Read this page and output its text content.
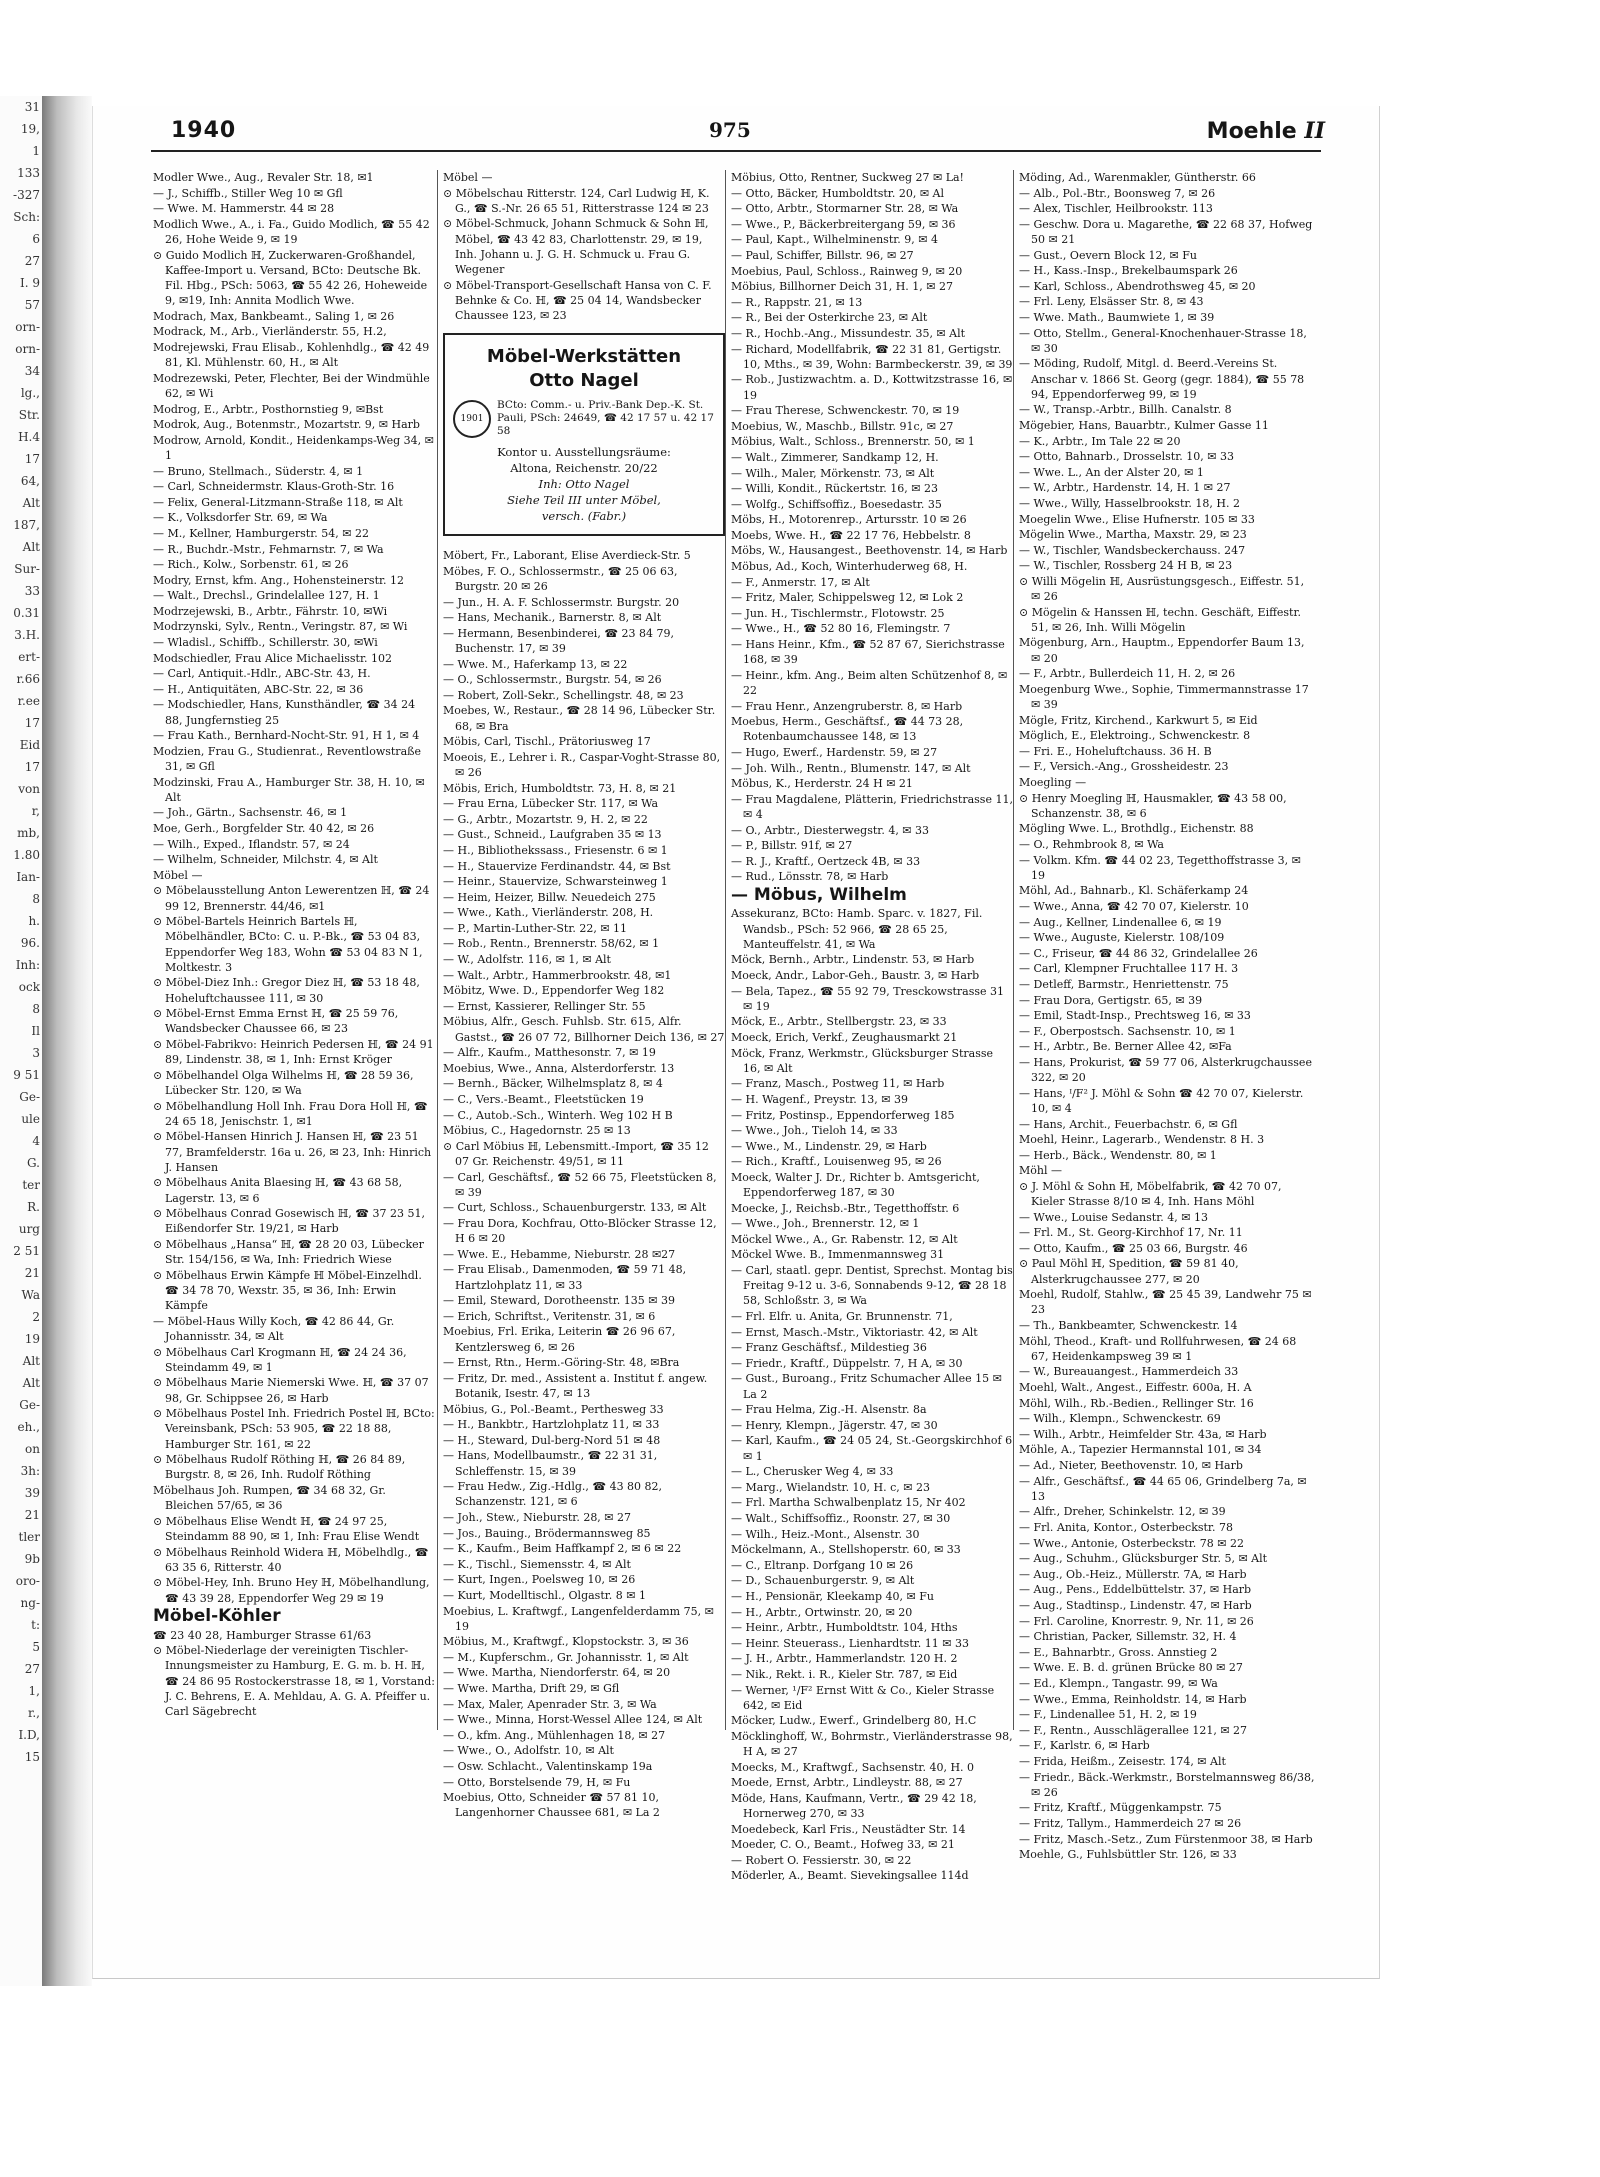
31
19,
1
133
-327
Sch:
6
27
I. 9
57
orn-
orn-
34
lg.,
Str.
H.4
17
64,
Alt
187,
Alt
Sur-
33
0.31
3.H.
ert-
r.66
r.ee
17
Eid
17
von
r,
mb,
1.80
Ian-
8
h.
96.
Inh:
ock
8
Il
3
9 51
Ge-
ule
4
G.
ter
R.
urg
2 51
21
Wa
2
19
Alt
Alt
Ge-
eh.,
on
3h:
39
21
tler
9b
oro-
ng-
t:
5
27
1,
r.,
I.D,
15
1940	975	Moehle II
Modler Wwe., Aug., Revaler Str. 18, ✉1
— J., Schiffb., Stiller Weg 10 ✉ Gfl
— Wwe. M. Hammerstr. 44 ✉ 28
Modlich Wwe., A., i. Fa., Guido Modlich, ☎ 55 42 26, Hohe Weide 9, ✉ 19
⊙ Guido Modlich ℍ, Zuckerwaren-Großhandel, Kaffee-Import u. Versand, BCto: Deutsche Bk. Fil. Hbg., PSch: 5063, ☎ 55 42 26, Hoheweide 9, ✉19, Inh: Annita Modlich Wwe.
Modrach, Max, Bankbeamt., Saling 1, ✉ 26
Modrack, M., Arb., Vierländerstr. 55, H.2,
Modrejewski, Frau Elisab., Kohlenhdlg., ☎ 42 49 81, Kl. Mühlenstr. 60, H., ✉ Alt
Modrezewski, Peter, Flechter, Bei der Windmühle 62, ✉ Wi
Modrog, E., Arbtr., Posthornstieg 9, ✉Bst
Modrok, Aug., Botenmstr., Mozartstr. 9, ✉ Harb
Modrow, Arnold, Kondit., Heidenkamps-Weg 34, ✉ 1
— Bruno, Stellmach., Süderstr. 4, ✉ 1
— Carl, Schneidermstr. Klaus-Groth-Str. 16
— Felix, General-Litzmann-Straße 118, ✉ Alt
— K., Volksdorfer Str. 69, ✉ Wa
— M., Kellner, Hamburgerstr. 54, ✉ 22
— R., Buchdr.-Mstr., Fehmarnstr. 7, ✉ Wa
— Rich., Kolw., Sorbenstr. 61, ✉ 26
Modry, Ernst, kfm. Ang., Hohensteinerstr. 12
— Walt., Drechsl., Grindelallee 127, H. 1
Modrzejewski, B., Arbtr., Fährstr. 10, ✉Wi
Modrzynski, Sylv., Rentn., Veringstr. 87, ✉ Wi
— Wladisl., Schiffb., Schillerstr. 30, ✉Wi
Modschiedler, Frau Alice Michaelisstr. 102
— Carl, Antiquit.-Hdlr., ABC-Str. 43, H.
— H., Antiquitäten, ABC-Str. 22, ✉ 36
— Modschiedler, Hans, Kunsthändler, ☎ 34 24 88, Jungfernstieg 25
— Frau Kath., Bernhard-Nocht-Str. 91, H 1, ✉ 4
Modzien, Frau G., Studienrat., Reventlowstraße 31, ✉ Gfl
Modzinski, Frau A., Hamburger Str. 38, H. 10, ✉ Alt
— Joh., Gärtn., Sachsenstr. 46, ✉ 1
Moe, Gerh., Borgfelder Str. 40 42, ✉ 26
— Wilh., Exped., Iflandstr. 57, ✉ 24
— Wilhelm, Schneider, Milchstr. 4, ✉ Alt
Möbel —
⊙ Möbelausstellung Anton Lewerentzen ℍ, ☎ 24 99 12, Brennerstr. 44/46, ✉1
⊙ Möbel-Bartels Heinrich Bartels ℍ, Möbelhändler, BCto: C. u. P.-Bk., ☎ 53 04 83, Eppendorfer Weg 183, Wohn ☎ 53 04 83 N 1, Moltkestr. 3
⊙ Möbel-Diez Inh.: Gregor Diez ℍ, ☎ 53 18 48, Hoheluftchaussee 111, ✉ 30
⊙ Möbel-Ernst Emma Ernst ℍ, ☎ 25 59 76, Wandsbecker Chaussee 66, ✉ 23
⊙ Möbel-Fabrikvo: Heinrich Pedersen ℍ, ☎ 24 91 89, Lindenstr. 38, ✉ 1, Inh: Ernst Kröger
⊙ Möbelhandel Olga Wilhelms ℍ, ☎ 28 59 36, Lübecker Str. 120, ✉ Wa
⊙ Möbelhandlung Holl Inh. Frau Dora Holl ℍ, ☎ 24 65 18, Jenischstr. 1, ✉1
⊙ Möbel-Hansen Hinrich J. Hansen ℍ, ☎ 23 51 77, Bramfelderstr. 16a u. 26, ✉ 23, Inh: Hinrich J. Hansen
⊙ Möbelhaus Anita Blaesing ℍ, ☎ 43 68 58, Lagerstr. 13, ✉ 6
⊙ Möbelhaus Conrad Gosewisch ℍ, ☎ 37 23 51, Eißendorfer Str. 19/21, ✉ Harb
⊙ Möbelhaus „Hansa“ ℍ, ☎ 28 20 03, Lübecker Str. 154/156, ✉ Wa, Inh: Friedrich Wiese
⊙ Möbelhaus Erwin Kämpfe ℍ Möbel-Einzelhdl. ☎ 34 78 70, Wexstr. 35, ✉ 36, Inh: Erwin Kämpfe
— Möbel-Haus Willy Koch, ☎ 42 86 44, Gr. Johannisstr. 34, ✉ Alt
⊙ Möbelhaus Carl Krogmann ℍ, ☎ 24 24 36, Steindamm 49, ✉ 1
⊙ Möbelhaus Marie Niemerski Wwe. ℍ, ☎ 37 07 98, Gr. Schippsee 26, ✉ Harb
⊙ Möbelhaus Postel Inh. Friedrich Postel ℍ, BCto: Vereinsbank, PSch: 53 905, ☎ 22 18 88, Hamburger Str. 161, ✉ 22
⊙ Möbelhaus Rudolf Röthing ℍ, ☎ 26 84 89, Burgstr. 8, ✉ 26, Inh. Rudolf Röthing
Möbelhaus Joh. Rumpen, ☎ 34 68 32, Gr. Bleichen 57/65, ✉ 36
⊙ Möbelhaus Elise Wendt ℍ, ☎ 24 97 25, Steindamm 88 90, ✉ 1, Inh: Frau Elise Wendt
⊙ Möbelhaus Reinhold Widera ℍ, Möbelhdlg., ☎ 63 35 6, Ritterstr. 40
⊙ Möbel-Hey, Inh. Bruno Hey ℍ, Möbelhandlung, ☎ 43 39 28, Eppendorfer Weg 29 ✉ 19
Möbel-Köhler
☎ 23 40 28, Hamburger Strasse 61/63
⊙ Möbel-Niederlage der vereinigten Tischler-Innungsmeister zu Hamburg, E. G. m. b. H. ℍ, ☎ 24 86 95 Rostockerstrasse 18, ✉ 1, Vorstand: J. C. Behrens, E. A. Mehldau, A. G. A. Pfeiffer u. Carl Sägebrecht
Möbel —
⊙ Möbelschau Ritterstr. 124, Carl Ludwig ℍ, K. G., ☎ S.-Nr. 26 65 51, Ritterstrasse 124 ✉ 23
⊙ Möbel-Schmuck, Johann Schmuck & Sohn ℍ, Möbel, ☎ 43 42 83, Charlottenstr. 29, ✉ 19, Inh. Johann u. J. G. H. Schmuck u. Frau G. Wegener
⊙ Möbel-Transport-Gesellschaft Hansa von C. F. Behnke & Co. ℍ, ☎ 25 04 14, Wandsbecker Chaussee 123, ✉ 23
Möbel-Werkstätten
Otto Nagel
1901
BCto: Comm.- u. Priv.-Bank Dep.-K. St. Pauli, PSch: 24649, ☎ 42 17 57 u. 42 17 58
Kontor u. Ausstellungsräume:
Altona, Reichenstr. 20/22
Inh: Otto Nagel
Siehe Teil III unter Möbel,
versch. (Fabr.)
Möbert, Fr., Laborant, Elise Averdieck-Str. 5
Möbes, F. O., Schlossermstr., ☎ 25 06 63, Burgstr. 20 ✉ 26
— Jun., H. A. F. Schlossermstr. Burgstr. 20
— Hans, Mechanik., Barnerstr. 8, ✉ Alt
— Hermann, Besenbinderei, ☎ 23 84 79, Buchenstr. 17, ✉ 39
— Wwe. M., Haferkamp 13, ✉ 22
— O., Schlossermstr., Burgstr. 54, ✉ 26
— Robert, Zoll-Sekr., Schellingstr. 48, ✉ 23
Moebes, W., Restaur., ☎ 28 14 96, Lübecker Str. 68, ✉ Bra
Möbis, Carl, Tischl., Prätoriusweg 17
Moeois, E., Lehrer i. R., Caspar-Voght-Strasse 80, ✉ 26
Möbis, Erich, Humboldtstr. 73, H. 8, ✉ 21
— Frau Erna, Lübecker Str. 117, ✉ Wa
— G., Arbtr., Mozartstr. 9, H. 2, ✉ 22
— Gust., Schneid., Laufgraben 35 ✉ 13
— H., Bibliothekssass., Friesenstr. 6 ✉ 1
— H., Stauervize Ferdinandstr. 44, ✉ Bst
— Heinr., Stauervize, Schwarsteinweg 1
— Heim, Heizer, Billw. Neuedeich 275
— Wwe., Kath., Vierländerstr. 208, H.
— P., Martin-Luther-Str. 22, ✉ 11
— Rob., Rentn., Brennerstr. 58/62, ✉ 1
— W., Adolfstr. 116, ✉ 1, ✉ Alt
— Walt., Arbtr., Hammerbrookstr. 48, ✉1
Möbitz, Wwe. D., Eppendorfer Weg 182
— Ernst, Kassierer, Rellinger Str. 55
Möbius, Alfr., Gesch. Fuhlsb. Str. 615, Alfr. Gastst., ☎ 26 07 72, Billhorner Deich 136, ✉ 27
— Alfr., Kaufm., Matthesonstr. 7, ✉ 19
Moebius, Wwe., Anna, Alsterdorferstr. 13
— Bernh., Bäcker, Wilhelmsplatz 8, ✉ 4
— C., Vers.-Beamt., Fleetstücken 19
— C., Autob.-Sch., Winterh. Weg 102 H B
Möbius, C., Hagedornstr. 25 ✉ 13
⊙ Carl Möbius ℍ, Lebensmitt.-Import, ☎ 35 12 07 Gr. Reichenstr. 49/51, ✉ 11
— Carl, Geschäftsf., ☎ 52 66 75, Fleetstücken 8, ✉ 39
— Curt, Schloss., Schauenburgerstr. 133, ✉ Alt
— Frau Dora, Kochfrau, Otto-Blöcker Strasse 12, H 6 ✉ 20
— Wwe. E., Hebamme, Nieburstr. 28 ✉27
— Frau Elisab., Damenmoden, ☎ 59 71 48, Hartzlohplatz 11, ✉ 33
— Emil, Steward, Dorotheenstr. 135 ✉ 39
— Erich, Schriftst., Veritenstr. 31, ✉ 6
Moebius, Frl. Erika, Leiterin ☎ 26 96 67, Kentzlersweg 6, ✉ 26
— Ernst, Rtn., Herm.-Göring-Str. 48, ✉Bra
— Fritz, Dr. med., Assistent a. Institut f. angew. Botanik, Isestr. 47, ✉ 13
Möbius, G., Pol.-Beamt., Perthesweg 33
— H., Bankbtr., Hartzlohplatz 11, ✉ 33
— H., Steward, Dul-berg-Nord 51 ✉ 48
— Hans, Modellbaumstr., ☎ 22 31 31, Schleffenstr. 15, ✉ 39
— Frau Hedw., Zig.-Hdlg., ☎ 43 80 82, Schanzenstr. 121, ✉ 6
— Joh., Stew., Nieburstr. 28, ✉ 27
— Jos., Bauing., Brödermannsweg 85
— K., Kaufm., Beim Haffkampf 2, ✉ 6 ✉ 22
— K., Tischl., Siemensstr. 4, ✉ Alt
— Kurt, Ingen., Poelsweg 10, ✉ 26
— Kurt, Modelltischl., Olgastr. 8 ✉ 1
Moebius, L. Kraftwgf., Langenfelderdamm 75, ✉ 19
Möbius, M., Kraftwgf., Klopstockstr. 3, ✉ 36
— M., Kupferschm., Gr. Johannisstr. 1, ✉ Alt
— Wwe. Martha, Niendorferstr. 64, ✉ 20
— Wwe. Martha, Drift 29, ✉ Gfl
— Max, Maler, Apenrader Str. 3, ✉ Wa
— Wwe., Minna, Horst-Wessel Allee 124, ✉ Alt
— O., kfm. Ang., Mühlenhagen 18, ✉ 27
— Wwe., O., Adolfstr. 10, ✉ Alt
— Osw. Schlacht., Valentinskamp 19a
— Otto, Borstelsende 79, H, ✉ Fu
Moebius, Otto, Schneider ☎ 57 81 10, Langenhorner Chaussee 681, ✉ La 2
Möbius, Otto, Rentner, Suckweg 27 ✉ La!
— Otto, Bäcker, Humboldtstr. 20, ✉ Al
— Otto, Arbtr., Stormarner Str. 28, ✉ Wa
— Wwe., P., Bäckerbreitergang 59, ✉ 36
— Paul, Kapt., Wilhelminenstr. 9, ✉ 4
— Paul, Schiffer, Billstr. 96, ✉ 27
Moebius, Paul, Schloss., Rainweg 9, ✉ 20
Möbius, Billhorner Deich 31, H. 1, ✉ 27
— R., Rappstr. 21, ✉ 13
— R., Bei der Osterkirche 23, ✉ Alt
— R., Hochb.-Ang., Missundestr. 35, ✉ Alt
— Richard, Modellfabrik, ☎ 22 31 81, Gertigstr. 10, Mths., ✉ 39, Wohn: Barmbeckerstr. 39, ✉ 39
— Rob., Justizwachtm. a. D., Kottwitzstrasse 16, ✉ 19
— Frau Therese, Schwenckestr. 70, ✉ 19
Moebius, W., Maschb., Billstr. 91c, ✉ 27
Möbius, Walt., Schloss., Brennerstr. 50, ✉ 1
— Walt., Zimmerer, Sandkamp 12, H.
— Wilh., Maler, Mörkenstr. 73, ✉ Alt
— Willi, Kondit., Rückertstr. 16, ✉ 23
— Wolfg., Schiffsoffiz., Boesedastr. 35
Möbs, H., Motorenrep., Artursstr. 10 ✉ 26
Moebs, Wwe. H., ☎ 22 17 76, Hebbelstr. 8
Möbs, W., Hausangest., Beethovenstr. 14, ✉ Harb
Möbus, Ad., Koch, Winterhuderweg 68, H.
— F., Anmerstr. 17, ✉ Alt
— Fritz, Maler, Schippelsweg 12, ✉ Lok 2
— Jun. H., Tischlermstr., Flotowstr. 25
— Wwe., H., ☎ 52 80 16, Flemingstr. 7
— Hans Heinr., Kfm., ☎ 52 87 67, Sierichstrasse 168, ✉ 39
— Heinr., kfm. Ang., Beim alten Schützenhof 8, ✉ 22
— Frau Henr., Anzengruberstr. 8, ✉ Harb
Moebus, Herm., Geschäftsf., ☎ 44 73 28, Rotenbaumchaussee 148, ✉ 13
— Hugo, Ewerf., Hardenstr. 59, ✉ 27
— Joh. Wilh., Rentn., Blumenstr. 147, ✉ Alt
Möbus, K., Herderstr. 24 H ✉ 21
— Frau Magdalene, Plätterin, Friedrichstrasse 11, ✉ 4
— O., Arbtr., Diesterwegstr. 4, ✉ 33
— P., Billstr. 91f, ✉ 27
— R. J., Kraftf., Oertzeck 4B, ✉ 33
— Rud., Lönsstr. 78, ✉ Harb
— Möbus, Wilhelm
Assekuranz, BCto: Hamb. Sparc. v. 1827, Fil. Wandsb., PSch: 52 966, ☎ 28 65 25, Manteuffelstr. 41, ✉ Wa
Möck, Bernh., Arbtr., Lindenstr. 53, ✉ Harb
Moeck, Andr., Labor-Geh., Baustr. 3, ✉ Harb
— Bela, Tapez., ☎ 55 92 79, Tresckowstrasse 31 ✉ 19
Möck, E., Arbtr., Stellbergstr. 23, ✉ 33
Moeck, Erich, Verkf., Zeughausmarkt 21
Möck, Franz, Werkmstr., Glücksburger Strasse 16, ✉ Alt
— Franz, Masch., Postweg 11, ✉ Harb
— H. Wagenf., Preystr. 13, ✉ 39
— Fritz, Postinsp., Eppendorferweg 185
— Wwe., Joh., Tieloh 14, ✉ 33
— Wwe., M., Lindenstr. 29, ✉ Harb
— Rich., Kraftf., Louisenweg 95, ✉ 26
Moeck, Walter J. Dr., Richter b. Amtsgericht, Eppendorferweg 187, ✉ 30
Moecke, J., Reichsb.-Btr., Tegetthoffstr. 6
— Wwe., Joh., Brennerstr. 12, ✉ 1
Möckel Wwe., A., Gr. Rabenstr. 12, ✉ Alt
Möckel Wwe. B., Immenmannsweg 31
— Carl, staatl. gepr. Dentist, Sprechst. Montag bis Freitag 9-12 u. 3-6, Sonnabends 9-12, ☎ 28 18 58, Schloßstr. 3, ✉ Wa
— Frl. Elfr. u. Anita, Gr. Brunnenstr. 71,
— Ernst, Masch.-Mstr., Viktoriastr. 42, ✉ Alt
— Franz Geschäftsf., Mildestieg 36
— Friedr., Kraftf., Düppelstr. 7, H A, ✉ 30
— Gust., Buroang., Fritz Schumacher Allee 15 ✉ La 2
— Frau Helma, Zig.-H. Alsenstr. 8a
— Henry, Klempn., Jägerstr. 47, ✉ 30
— Karl, Kaufm., ☎ 24 05 24, St.-Georgskirchhof 6 ✉ 1
— L., Cherusker Weg 4, ✉ 33
— Marg., Wielandstr. 10, H. c, ✉ 23
— Frl. Martha Schwalbenplatz 15, Nr 402
— Walt., Schiffsoffiz., Roonstr. 27, ✉ 30
— Wilh., Heiz.-Mont., Alsenstr. 30
Möckelmann, A., Stellshoperstr. 60, ✉ 33
— C., Eltranp. Dorfgang 10 ✉ 26
— D., Schauenburgerstr. 9, ✉ Alt
— H., Pensionär, Kleekamp 40, ✉ Fu
— H., Arbtr., Ortwinstr. 20, ✉ 20
— Heinr., Arbtr., Humboldtstr. 104, Hths
— Heinr. Steuerass., Lienhardtstr. 11 ✉ 33
— J. H., Arbtr., Hammerlandstr. 120 H. 2
— Nik., Rekt. i. R., Kieler Str. 787, ✉ Eid
— Werner, ¹/F² Ernst Witt & Co., Kieler Strasse 642, ✉ Eid
Möcker, Ludw., Ewerf., Grindelberg 80, H.C
Möcklinghoff, W., Bohrmstr., Vierländerstrasse 98, H A, ✉ 27
Moecks, M., Kraftwgf., Sachsenstr. 40, H. 0
Moede, Ernst, Arbtr., Lindleystr. 88, ✉ 27
Möde, Hans, Kaufmann, Vertr., ☎ 29 42 18, Hornerweg 270, ✉ 33
Moedebeck, Karl Fris., Neustädter Str. 14
Moeder, C. O., Beamt., Hofweg 33, ✉ 21
— Robert O. Fessierstr. 30, ✉ 22
Möderler, A., Beamt. Sievekingsallee 114d
Möding, Ad., Warenmakler, Güntherstr. 66
— Alb., Pol.-Btr., Boonsweg 7, ✉ 26
— Alex, Tischler, Heilbrookstr. 113
— Geschw. Dora u. Magarethe, ☎ 22 68 37, Hofweg 50 ✉ 21
— Gust., Oevern Block 12, ✉ Fu
— H., Kass.-Insp., Brekelbaumspark 26
— Karl, Schloss., Abendrothsweg 45, ✉ 20
— Frl. Leny, Elsässer Str. 8, ✉ 43
— Wwe. Math., Baumwiete 1, ✉ 39
— Otto, Stellm., General-Knochenhauer-Strasse 18, ✉ 30
— Möding, Rudolf, Mitgl. d. Beerd.-Vereins St. Anschar v. 1866 St. Georg (gegr. 1884), ☎ 55 78 94, Eppendorferweg 99, ✉ 19
— W., Transp.-Arbtr., Billh. Canalstr. 8
Mögebier, Hans, Bauarbtr., Kulmer Gasse 11
— K., Arbtr., Im Tale 22 ✉ 20
— Otto, Bahnarb., Drosselstr. 10, ✉ 33
— Wwe. L., An der Alster 20, ✉ 1
— W., Arbtr., Hardenstr. 14, H. 1 ✉ 27
— Wwe., Willy, Hasselbrookstr. 18, H. 2
Moegelin Wwe., Elise Hufnerstr. 105 ✉ 33
Mögelin Wwe., Martha, Maxstr. 29, ✉ 23
— W., Tischler, Wandsbeckerchauss. 247
— W., Tischler, Rossberg 24 H B, ✉ 23
⊙ Willi Mögelin ℍ, Ausrüstungsgesch., Eiffestr. 51, ✉ 26
⊙ Mögelin & Hanssen ℍ, techn. Geschäft, Eiffestr. 51, ✉ 26, Inh. Willi Mögelin
Mögenburg, Arn., Hauptm., Eppendorfer Baum 13, ✉ 20
— F., Arbtr., Bullerdeich 11, H. 2, ✉ 26
Moegenburg Wwe., Sophie, Timmermannstrasse 17 ✉ 39
Mögle, Fritz, Kirchend., Karkwurt 5, ✉ Eid
Möglich, E., Elektroing., Schwenckestr. 8
— Fri. E., Hoheluftchauss. 36 H. B
— F., Versich.-Ang., Grossheidestr. 23
Moegling —
⊙ Henry Moegling ℍ, Hausmakler, ☎ 43 58 00, Schanzenstr. 38, ✉ 6
Mögling Wwe. L., Brothdlg., Eichenstr. 88
— O., Rehmbrook 8, ✉ Wa
— Volkm. Kfm. ☎ 44 02 23, Tegetthoffstrasse 3, ✉ 19
Möhl, Ad., Bahnarb., Kl. Schäferkamp 24
— Wwe., Anna, ☎ 42 70 07, Kielerstr. 10
— Aug., Kellner, Lindenallee 6, ✉ 19
— Wwe., Auguste, Kielerstr. 108/109
— C., Friseur, ☎ 44 86 32, Grindelallee 26
— Carl, Klempner Fruchtallee 117 H. 3
— Detleff, Barmstr., Henriettenstr. 75
— Frau Dora, Gertigstr. 65, ✉ 39
— Emil, Stadt-Insp., Prechtsweg 16, ✉ 33
— F., Oberpostsch. Sachsenstr. 10, ✉ 1
— H., Arbtr., Be. Berner Allee 42, ✉Fa
— Hans, Prokurist, ☎ 59 77 06, Alsterkrugchaussee 322, ✉ 20
— Hans, ᴵ/F² J. Möhl & Sohn ☎ 42 70 07, Kielerstr. 10, ✉ 4
— Hans, Archit., Feuerbachstr. 6, ✉ Gfl
Moehl, Heinr., Lagerarb., Wendenstr. 8 H. 3
— Herb., Bäck., Wendenstr. 80, ✉ 1
Möhl —
⊙ J. Möhl & Sohn ℍ, Möbelfabrik, ☎ 42 70 07, Kieler Strasse 8/10 ✉ 4, Inh. Hans Möhl
— Wwe., Louise Sedanstr. 4, ✉ 13
— Frl. M., St. Georg-Kirchhof 17, Nr. 11
— Otto, Kaufm., ☎ 25 03 66, Burgstr. 46
⊙ Paul Möhl ℍ, Spedition, ☎ 59 81 40, Alsterkrugchaussee 277, ✉ 20
Moehl, Rudolf, Stahlw., ☎ 25 45 39, Landwehr 75 ✉ 23
— Th., Bankbeamter, Schwenckestr. 14
Möhl, Theod., Kraft- und Rollfuhrwesen, ☎ 24 68 67, Heidenkampsweg 39 ✉ 1
— W., Bureauangest., Hammerdeich 33
Moehl, Walt., Angest., Eiffestr. 600a, H. A
Möhl, Wilh., Rb.-Bedien., Rellinger Str. 16
— Wilh., Klempn., Schwenckestr. 69
— Wilh., Arbtr., Heimfelder Str. 43a, ✉ Harb
Möhle, A., Tapezier Hermannstal 101, ✉ 34
— Ad., Nieter, Beethovenstr. 10, ✉ Harb
— Alfr., Geschäftsf., ☎ 44 65 06, Grindelberg 7a, ✉ 13
— Alfr., Dreher, Schinkelstr. 12, ✉ 39
— Frl. Anita, Kontor., Osterbeckstr. 78
— Wwe., Antonie, Osterbeckstr. 78 ✉ 22
— Aug., Schuhm., Glücksburger Str. 5, ✉ Alt
— Aug., Ob.-Heiz., Müllerstr. 7A, ✉ Harb
— Aug., Pens., Eddelbüttelstr. 37, ✉ Harb
— Aug., Stadtinsp., Lindenstr. 47, ✉ Harb
— Frl. Caroline, Knorrestr. 9, Nr. 11, ✉ 26
— Christian, Packer, Sillemstr. 32, H. 4
— E., Bahnarbtr., Gross. Annstieg 2
— Wwe. E. B. d. grünen Brücke 80 ✉ 27
— Ed., Klempn., Tangastr. 99, ✉ Wa
— Wwe., Emma, Reinholdstr. 14, ✉ Harb
— F., Lindenallee 51, H. 2, ✉ 19
— F., Rentn., Ausschlägerallee 121, ✉ 27
— F., Karlstr. 6, ✉ Harb
— Frida, Heißm., Zeisestr. 174, ✉ Alt
— Friedr., Bäck.-Werkmstr., Borstelmannsweg 86/38, ✉ 26
— Fritz, Kraftf., Müggenkampstr. 75
— Fritz, Tallym., Hammerdeich 27 ✉ 26
— Fritz, Masch.-Setz., Zum Fürstenmoor 38, ✉ Harb
Moehle, G., Fuhlsbüttler Str. 126, ✉ 33
